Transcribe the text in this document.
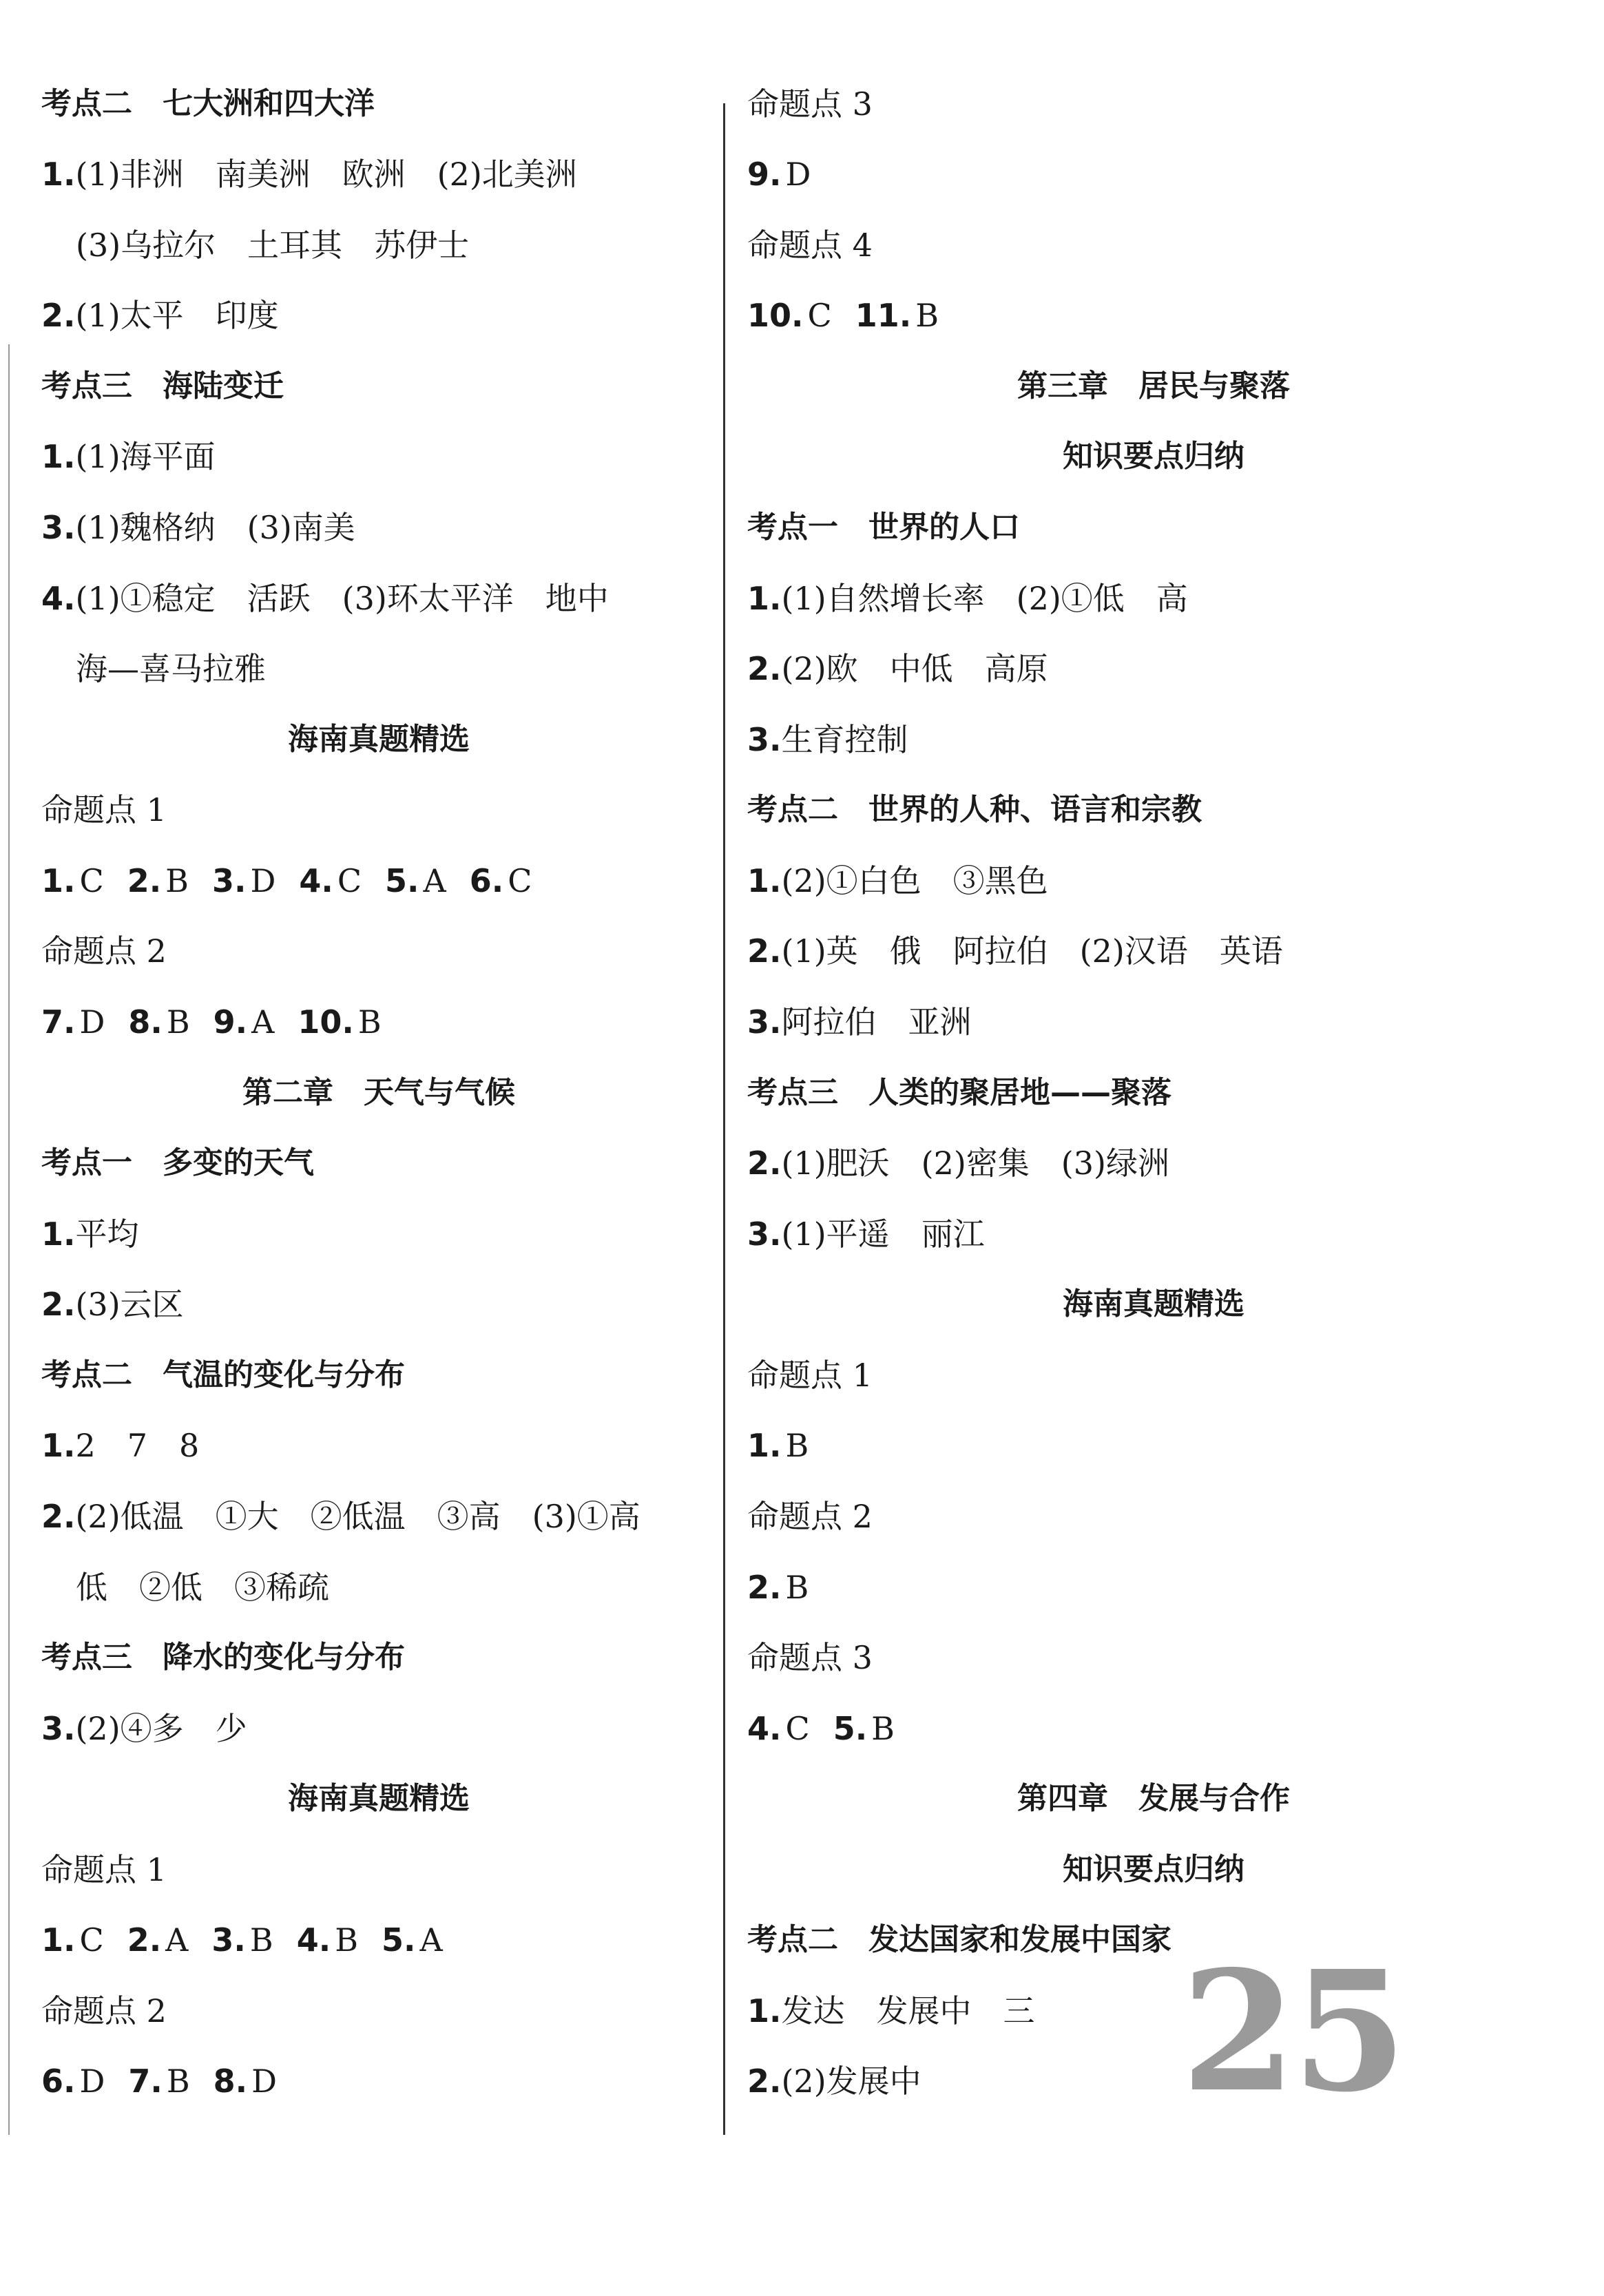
考点二　七大洲和四大洋
1.(1)非洲　南美洲　欧洲　(2)北美洲
(3)乌拉尔　土耳其　苏伊士
2.(1)太平　印度
考点三　海陆变迁
1.(1)海平面
3.(1)魏格纳　(3)南美
4.(1)①稳定　活跃　(3)环太平洋　地中
海—喜马拉雅
海南真题精选
命题点 1
1. C 2. B 3. D 4. C 5. A 6. C
命题点 2
7. D 8. B 9. A 10. B
第二章　天气与气候
考点一　多变的天气
1.平均
2.(3)云区
考点二　气温的变化与分布
1.2　7　8
2.(2)低温　①大　②低温　③高　(3)①高
低　②低　③稀疏
考点三　降水的变化与分布
3.(2)④多　少
海南真题精选
命题点 1
1. C 2. A 3. B 4. B 5. A
命题点 2
6. D 7. B 8. D
命题点 3
9. D
命题点 4
10. C 11. B
第三章　居民与聚落
知识要点归纳
考点一　世界的人口
1.(1)自然增长率　(2)①低　高
2.(2)欧　中低　高原
3.生育控制
考点二　世界的人种、语言和宗教
1.(2)①白色　③黑色
2.(1)英　俄　阿拉伯　(2)汉语　英语
3.阿拉伯　亚洲
考点三　人类的聚居地——聚落
2.(1)肥沃　(2)密集　(3)绿洲
3.(1)平遥　丽江
海南真题精选
命题点 1
1. B
命题点 2
2. B
命题点 3
4. C 5. B
第四章　发展与合作
知识要点归纳
考点二　发达国家和发展中国家
1.发达　发展中　三
2.(2)发展中 25
